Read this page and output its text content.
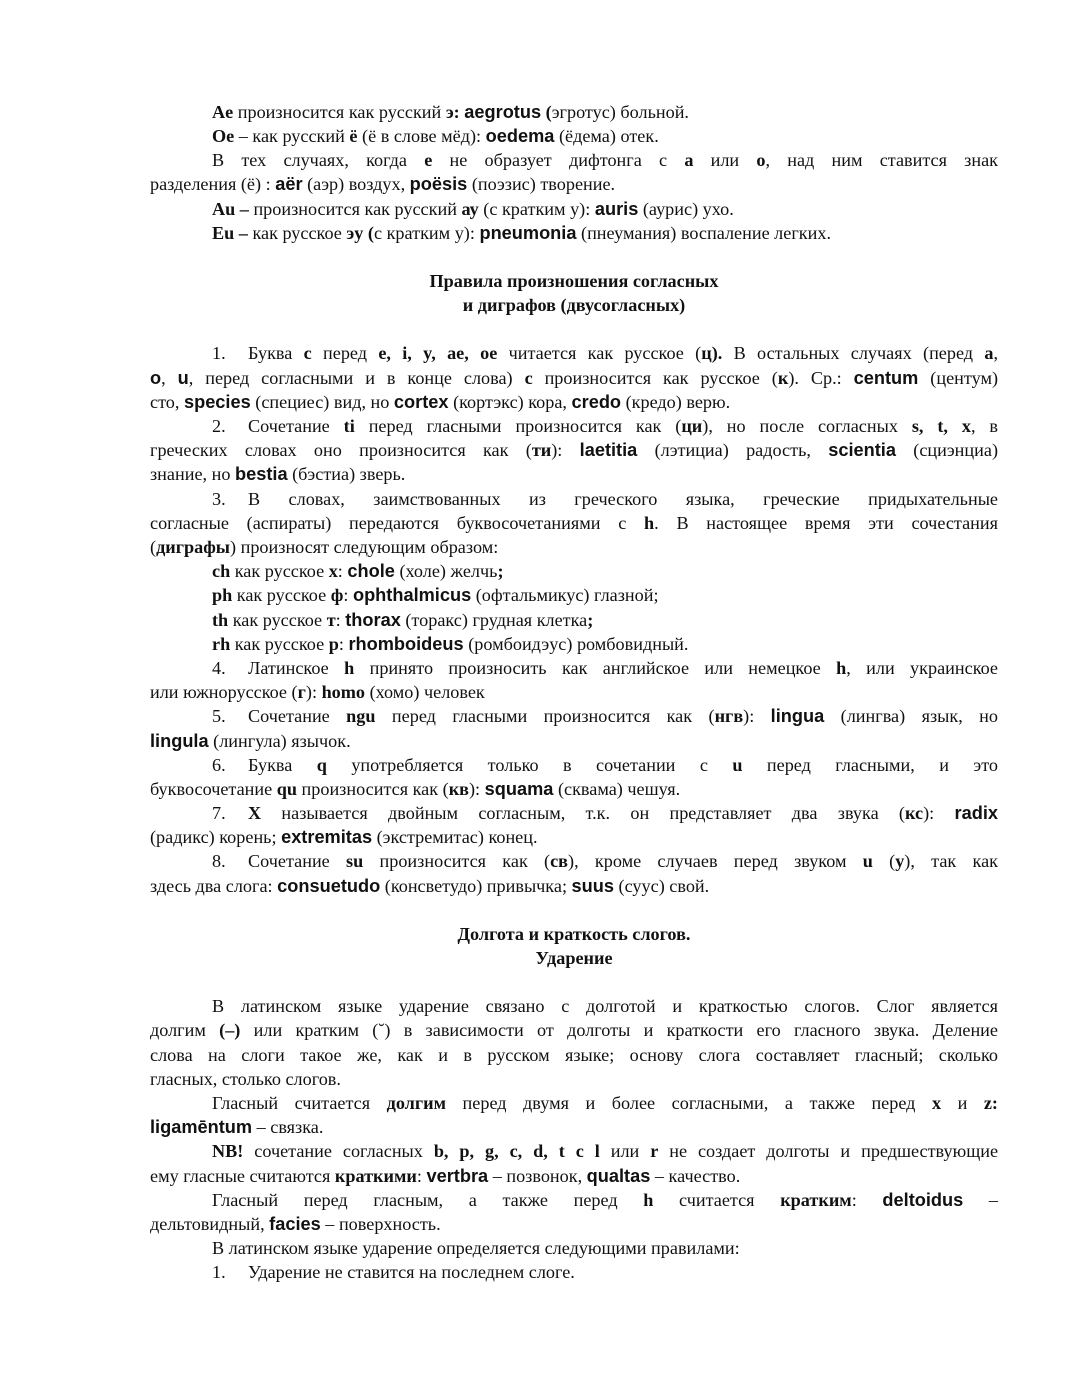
Ae произносится как русский э: aegrotus (эгротус) больной.
Oe – как русский ё (ё в слове мёд): oedema (ёдема) отек.
В тех случаях, когда е не образует дифтонга с а или о, над ним ставится знак
разделения (ё) : aёr (аэр) воздух, poёsis (поэзис) творение.
Au – произносится как русский ау (с кратким у): auris (аурис) ухо.
Eu – как русское эу (с кратким у): pneumonia (пнеумания) воспаление легких.
Правила произношения согласных
и диграфов (двусогласных)
1. Буква с перед e, i, y, ae, oe читается как русское (ц). В остальных случаях (перед a,
o, u, перед согласными и в конце слова) с произносится как русское (к). Ср.: centum (центум)
сто, species (специес) вид, но cortex (кортэкс) кора, credo (кредо) верю.
2. Сочетание ti перед гласными произносится как (ци), но после согласных s, t, x, в
греческих словах оно произносится как (ти): laetitia (лэтициа) радость, scientia (сциэнциа)
знание, но bestia (бэстиа) зверь.
3. В словах, заимствованных из греческого языка, греческие придыхательные
согласные (аспираты) передаются буквосочетаниями с h. В настоящее время эти сочестания
(диграфы) произносят следующим образом:
ch как русское х: chole (холе) желчь;
ph как русское ф: ophthalmicus (офтальмикус) глазной;
th как русское т: thorax (торакс) грудная клетка;
rh как русское р: rhomboideus (ромбоидэус) ромбовидный.
4. Латинское h принято произносить как английское или немецкое h, или украинское
или южнорусское (г): homo (хомо) человек
5. Сочетание ngu перед гласными произносится как (нгв): lingua (лингва) язык, но
lingula (лингула) язычок.
6. Буква q употребляется только в сочетании с u перед гласными, и это
буквосочетание qu произносится как (кв): squama (сквама) чешуя.
7. X называется двойным согласным, т.к. он представляет два звука (кс): radix
(радикс) корень; extremitas (экстремитас) конец.
8. Сочетание su произносится как (св), кроме случаев перед звуком u (у), так как
здесь два слога: consuetudo (консветудо) привычка; suus (суус) свой.
Долгота и краткость слогов.
Ударение
В латинском языке ударение связано с долготой и краткостью слогов. Слог является
долгим (–) или кратким (˘) в зависимости от долготы и краткости его гласного звука. Деление
слова на слоги такое же, как и в русском языке; основу слога составляет гласный; сколько
гласных, столько слогов.
Гласный считается долгим перед двумя и более согласными, а также перед х и z:
ligamēntum – связка.
NB! сочетание согласных b, p, g, c, d, t c l или r не создает долготы и предшествующие
ему гласные считаются краткими: vertbra – позвонок, qualtas – качество.
Гласный перед гласным, а также перед h считается кратким: deltoidus –
дельтовидный, facies – поверхность.
В латинском языке ударение определяется следующими правилами:
1. Ударение не ставится на последнем слоге.
